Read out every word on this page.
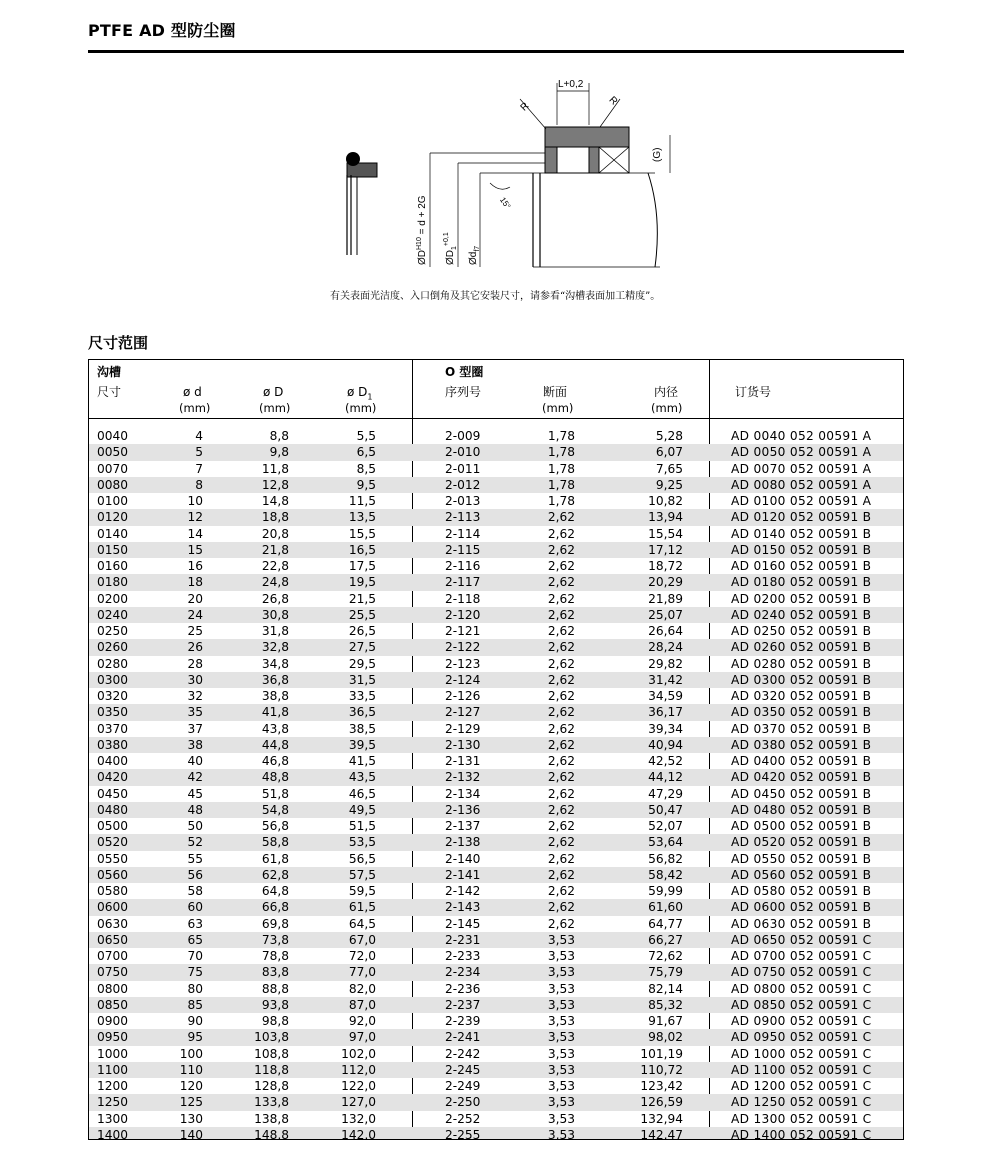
PTFE AD 型防尘圈
L+0,2
R	R
(G)
15°
$ØD^{H10} = d + 2G$
$ØD_1^{+0,1}$
$Ød_{f7}$
有关表面光洁度、入口倒角及其它安装尺寸，请参看“沟槽表面加工精度”。
尺寸范围
沟槽	O 型圈
尺寸	ø d	ø D	ø $D_1$
(mm)	(mm)	(mm)
序列号	断面	内径
(mm)	(mm)
订货号
0040	4	8,8	5,5	2-009	1,78	5,28	AD 0040 052 00591 A
0050	5	9,8	6,5	2-010	1,78	6,07	AD 0050 052 00591 A
0070	7	11,8	8,5	2-011	1,78	7,65	AD 0070 052 00591 A
0080	8	12,8	9,5	2-012	1,78	9,25	AD 0080 052 00591 A
0100	10	14,8	11,5	2-013	1,78	10,82	AD 0100 052 00591 A
0120	12	18,8	13,5	2-113	2,62	13,94	AD 0120 052 00591 B
0140	14	20,8	15,5	2-114	2,62	15,54	AD 0140 052 00591 B
0150	15	21,8	16,5	2-115	2,62	17,12	AD 0150 052 00591 B
0160	16	22,8	17,5	2-116	2,62	18,72	AD 0160 052 00591 B
0180	18	24,8	19,5	2-117	2,62	20,29	AD 0180 052 00591 B
0200	20	26,8	21,5	2-118	2,62	21,89	AD 0200 052 00591 B
0240	24	30,8	25,5	2-120	2,62	25,07	AD 0240 052 00591 B
0250	25	31,8	26,5	2-121	2,62	26,64	AD 0250 052 00591 B
0260	26	32,8	27,5	2-122	2,62	28,24	AD 0260 052 00591 B
0280	28	34,8	29,5	2-123	2,62	29,82	AD 0280 052 00591 B
0300	30	36,8	31,5	2-124	2,62	31,42	AD 0300 052 00591 B
0320	32	38,8	33,5	2-126	2,62	34,59	AD 0320 052 00591 B
0350	35	41,8	36,5	2-127	2,62	36,17	AD 0350 052 00591 B
0370	37	43,8	38,5	2-129	2,62	39,34	AD 0370 052 00591 B
0380	38	44,8	39,5	2-130	2,62	40,94	AD 0380 052 00591 B
0400	40	46,8	41,5	2-131	2,62	42,52	AD 0400 052 00591 B
0420	42	48,8	43,5	2-132	2,62	44,12	AD 0420 052 00591 B
0450	45	51,8	46,5	2-134	2,62	47,29	AD 0450 052 00591 B
0480	48	54,8	49,5	2-136	2,62	50,47	AD 0480 052 00591 B
0500	50	56,8	51,5	2-137	2,62	52,07	AD 0500 052 00591 B
0520	52	58,8	53,5	2-138	2,62	53,64	AD 0520 052 00591 B
0550	55	61,8	56,5	2-140	2,62	56,82	AD 0550 052 00591 B
0560	56	62,8	57,5	2-141	2,62	58,42	AD 0560 052 00591 B
0580	58	64,8	59,5	2-142	2,62	59,99	AD 0580 052 00591 B
0600	60	66,8	61,5	2-143	2,62	61,60	AD 0600 052 00591 B
0630	63	69,8	64,5	2-145	2,62	64,77	AD 0630 052 00591 B
0650	65	73,8	67,0	2-231	3,53	66,27	AD 0650 052 00591 C
0700	70	78,8	72,0	2-233	3,53	72,62	AD 0700 052 00591 C
0750	75	83,8	77,0	2-234	3,53	75,79	AD 0750 052 00591 C
0800	80	88,8	82,0	2-236	3,53	82,14	AD 0800 052 00591 C
0850	85	93,8	87,0	2-237	3,53	85,32	AD 0850 052 00591 C
0900	90	98,8	92,0	2-239	3,53	91,67	AD 0900 052 00591 C
0950	95	103,8	97,0	2-241	3,53	98,02	AD 0950 052 00591 C
1000	100	108,8	102,0	2-242	3,53	101,19	AD 1000 052 00591 C
1100	110	118,8	112,0	2-245	3,53	110,72	AD 1100 052 00591 C
1200	120	128,8	122,0	2-249	3,53	123,42	AD 1200 052 00591 C
1250	125	133,8	127,0	2-250	3,53	126,59	AD 1250 052 00591 C
1300	130	138,8	132,0	2-252	3,53	132,94	AD 1300 052 00591 C
1400	140	148,8	142,0	2-255	3,53	142,47	AD 1400 052 00591 C
